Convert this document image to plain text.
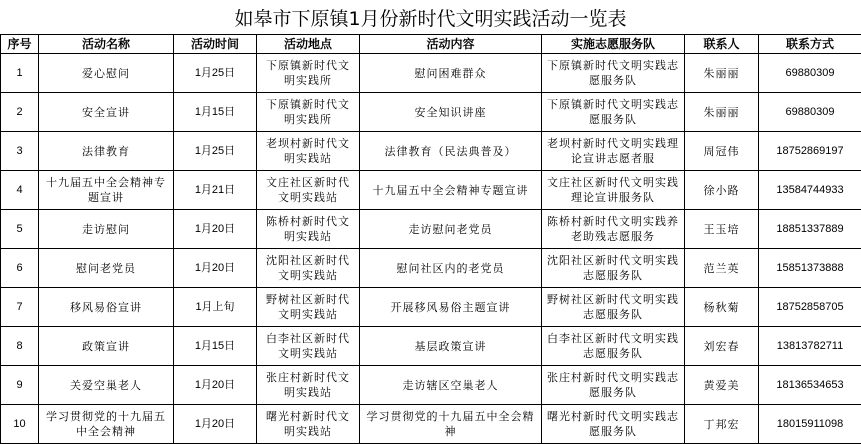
如皋市下原镇1月份新时代文明实践活动一览表
序号	活动名称	活动时间	活动地点	活动内容	实施志愿服务队	联系人	联系方式
1	爱心慰问	1月25日	下原镇新时代文明实践所	慰问困难群众	下原镇新时代文明实践志愿服务队	朱丽丽	69880309
2	安全宣讲	1月15日	下原镇新时代文明实践所	安全知识讲座	下原镇新时代文明实践志愿服务队	朱丽丽	69880309
3	法律教育	1月25日	老坝村新时代文明实践站	法律教育（民法典普及）	老坝村新时代文明实践理论宣讲志愿者服	周冠伟	18752869197
4	十九届五中全会精神专题宣讲	1月21日	文庄社区新时代文明实践站	十九届五中全会精神专题宣讲	文庄社区新时代文明实践理论宣讲服务队	徐小路	13584744933
5	走访慰问	1月20日	陈桥村新时代文明实践站	走访慰问老党员	陈桥村新时代文明实践养老助残志愿服务	王玉培	18851337889
6	慰问老党员	1月20日	沈阳社区新时代文明实践站	慰问社区内的老党员	沈阳社区新时代文明实践志愿服务队	范兰英	15851373888
7	移风易俗宣讲	1月上旬	野树社区新时代文明实践站	开展移风易俗主题宣讲	野树社区新时代文明实践志愿服务队	杨秋菊	18752858705
8	政策宣讲	1月15日	白李社区新时代文明实践站	基层政策宣讲	白李社区新时代文明实践志愿服务队	刘宏春	13813782711
9	关爱空巢老人	1月20日	张庄村新时代文明实践站	走访辖区空巢老人	张庄村新时代文明实践志愿服务队	黄爱美	18136534653
10	学习贯彻党的十九届五中全会精神	1月20日	曙光村新时代文明实践站	学习贯彻党的十九届五中全会精神	曙光村新时代文明实践志愿服务队	丁邦宏	18015911098
